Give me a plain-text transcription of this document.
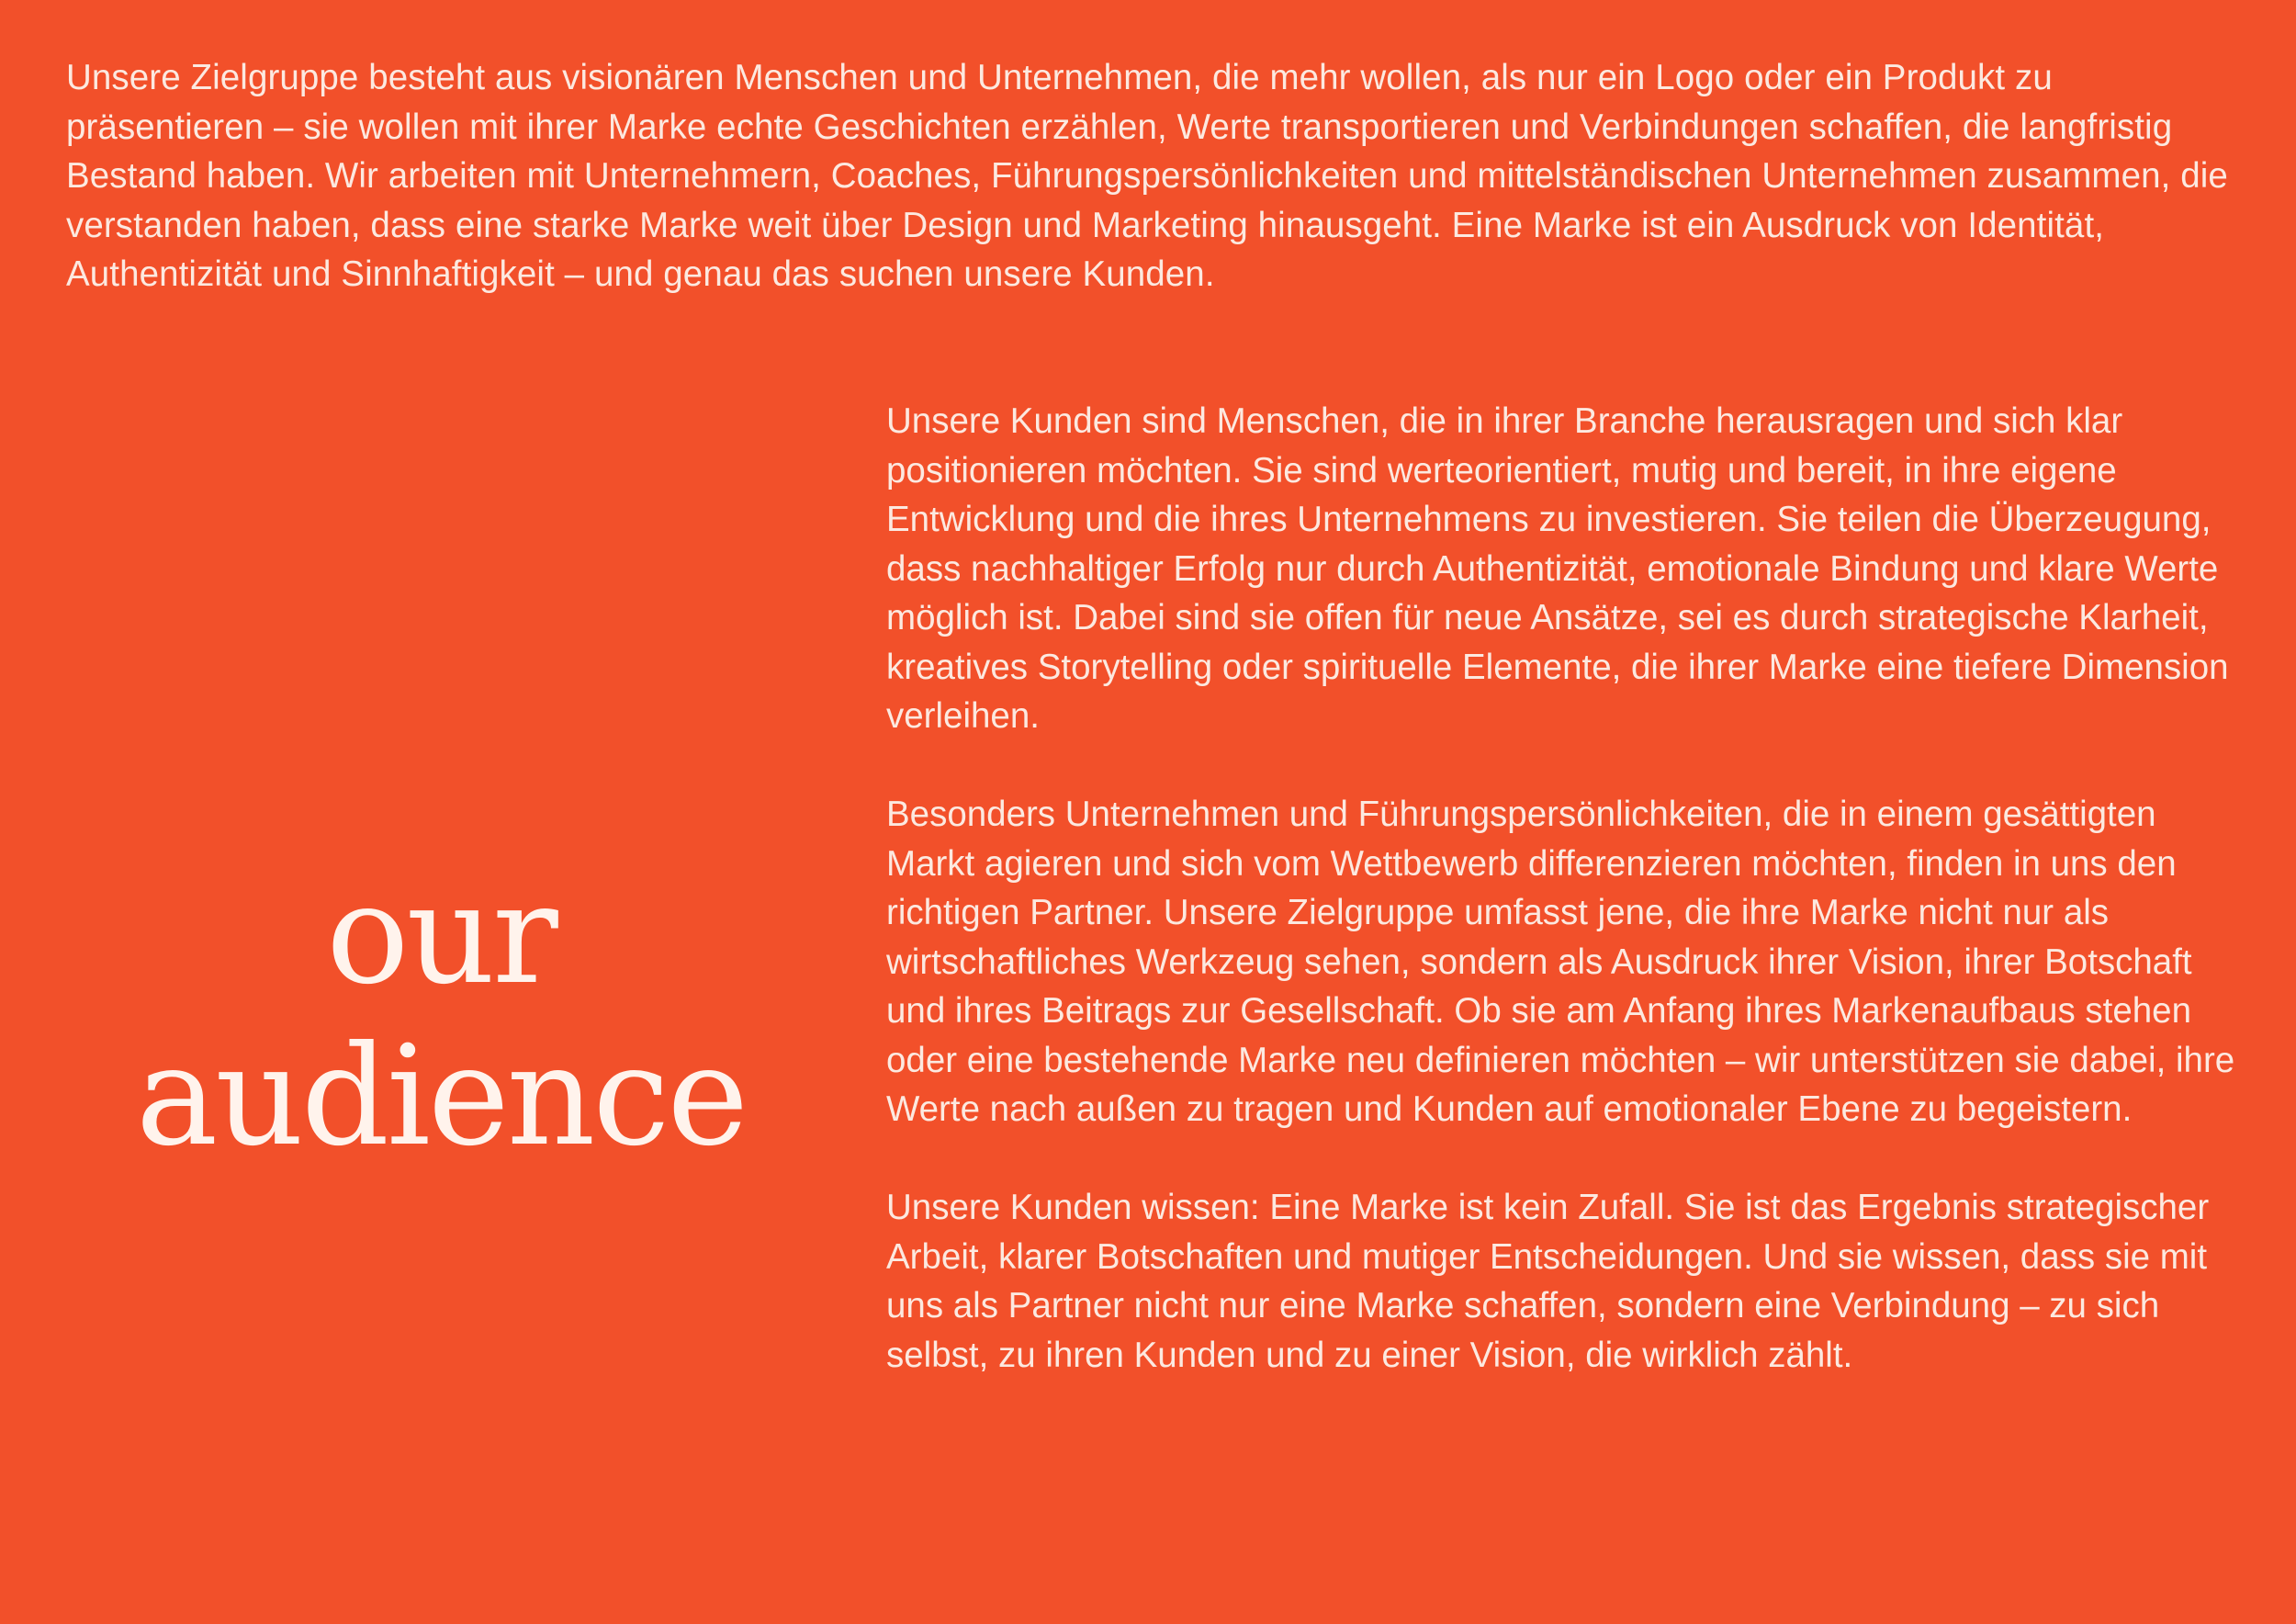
Unsere Zielgruppe besteht aus visionären Menschen und Unternehmen, die mehr wollen, als nur ein Logo oder ein Produkt zu präsentieren – sie wollen mit ihrer Marke echte Geschichten erzählen, Werte transportieren und Verbindungen schaffen, die langfristig Bestand haben. Wir arbeiten mit Unternehmern, Coaches, Führungspersönlichkeiten und mittelständischen Unternehmen zusammen, die verstanden haben, dass eine starke Marke weit über Design und Marketing hinausgeht. Eine Marke ist ein Ausdruck von Identität, Authentizität und Sinnhaftigkeit – und genau das suchen unsere Kunden.

our
audience

Unsere Kunden sind Menschen, die in ihrer Branche herausragen und sich klar positionieren möchten. Sie sind werteorientiert, mutig und bereit, in ihre eigene Entwicklung und die ihres Unternehmens zu investieren. Sie teilen die Überzeugung, dass nachhaltiger Erfolg nur durch Authentizität, emotionale Bindung und klare Werte möglich ist. Dabei sind sie offen für neue Ansätze, sei es durch strategische Klarheit, kreatives Storytelling oder spirituelle Elemente, die ihrer Marke eine tiefere Dimension verleihen.

Besonders Unternehmen und Führungspersönlichkeiten, die in einem gesättigten Markt agieren und sich vom Wettbewerb differenzieren möchten, finden in uns den richtigen Partner. Unsere Zielgruppe umfasst jene, die ihre Marke nicht nur als wirtschaftliches Werkzeug sehen, sondern als Ausdruck ihrer Vision, ihrer Botschaft und ihres Beitrags zur Gesellschaft. Ob sie am Anfang ihres Markenaufbaus stehen oder eine bestehende Marke neu definieren möchten – wir unterstützen sie dabei, ihre Werte nach außen zu tragen und Kunden auf emotionaler Ebene zu begeistern.

Unsere Kunden wissen: Eine Marke ist kein Zufall. Sie ist das Ergebnis strategischer Arbeit, klarer Botschaften und mutiger Entscheidungen. Und sie wissen, dass sie mit uns als Partner nicht nur eine Marke schaffen, sondern eine Verbindung – zu sich selbst, zu ihren Kunden und zu einer Vision, die wirklich zählt.
